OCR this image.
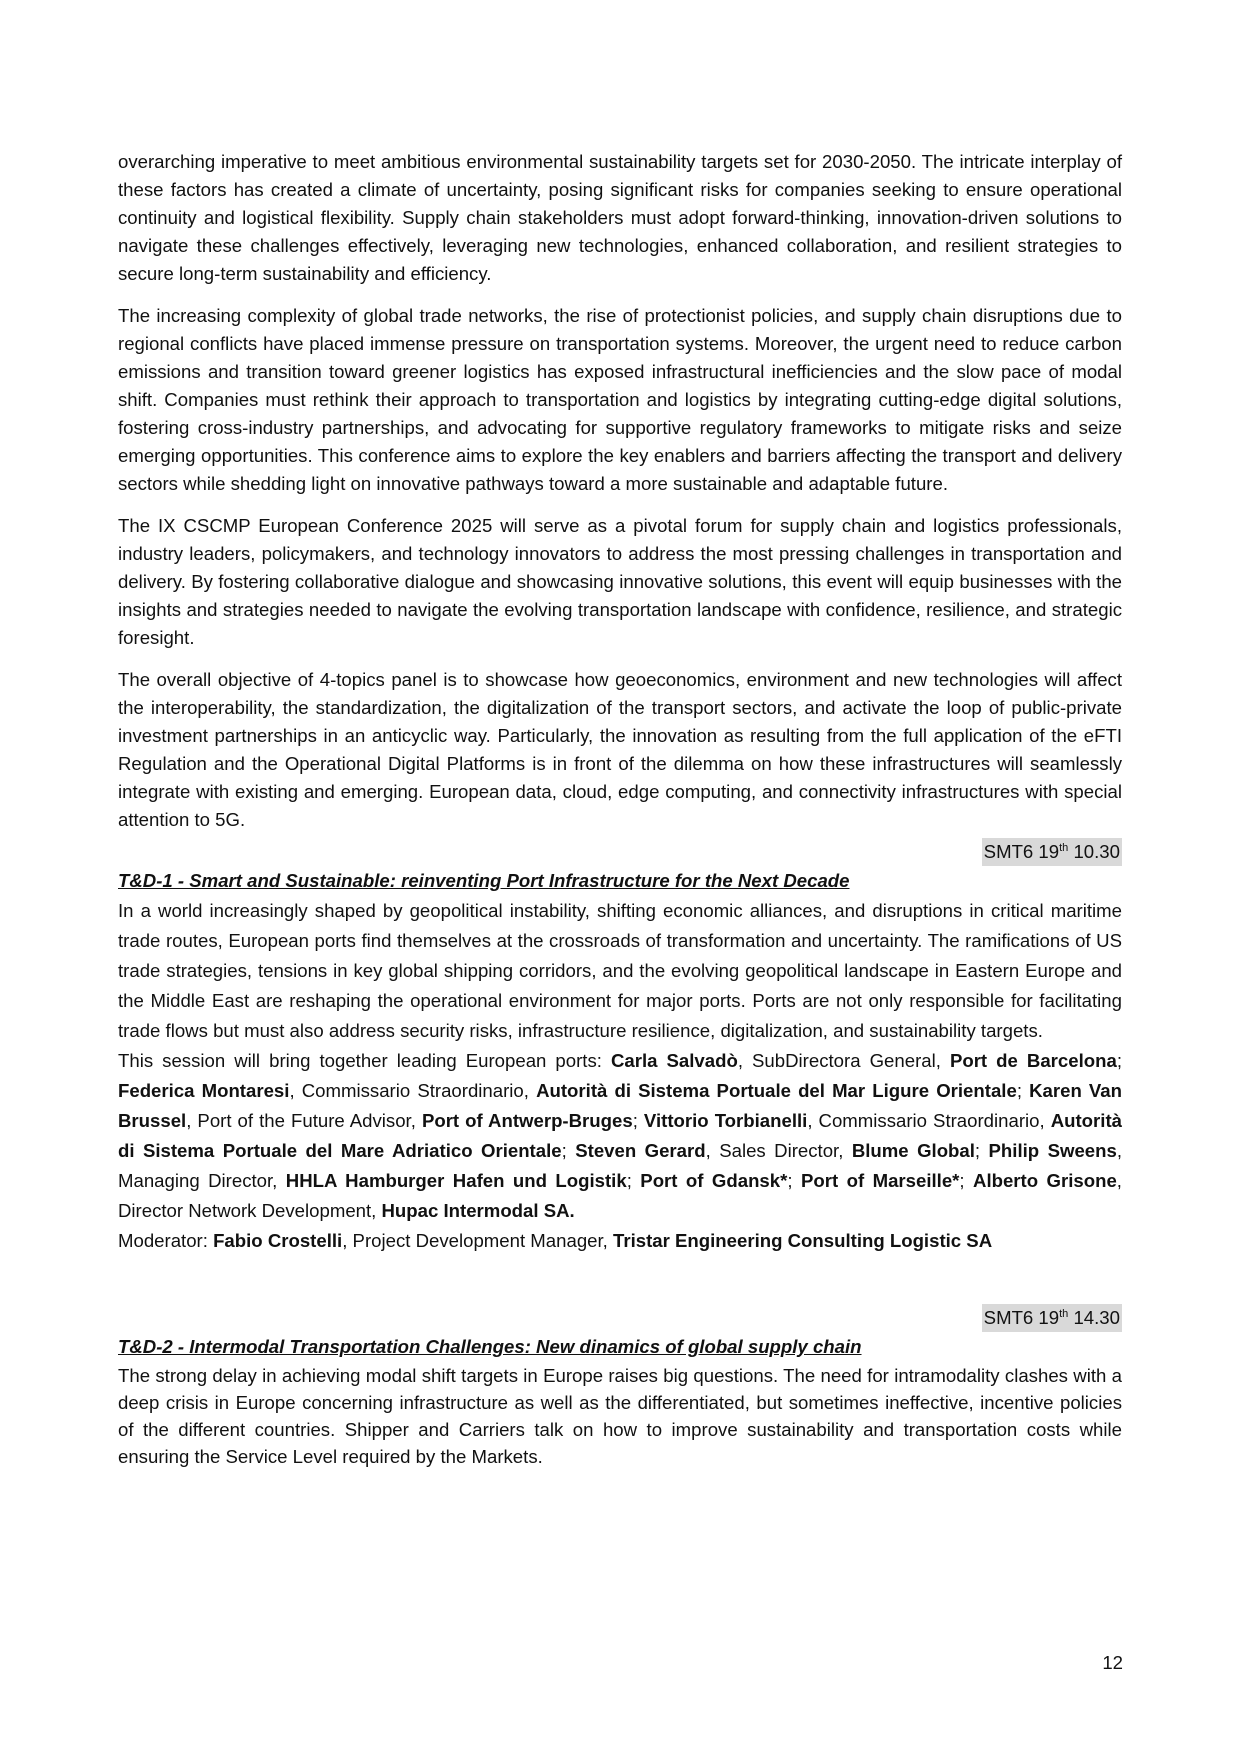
overarching imperative to meet ambitious environmental sustainability targets set for 2030-2050. The intricate interplay of these factors has created a climate of uncertainty, posing significant risks for companies seeking to ensure operational continuity and logistical flexibility. Supply chain stakeholders must adopt forward-thinking, innovation-driven solutions to navigate these challenges effectively, leveraging new technologies, enhanced collaboration, and resilient strategies to secure long-term sustainability and efficiency.

The increasing complexity of global trade networks, the rise of protectionist policies, and supply chain disruptions due to regional conflicts have placed immense pressure on transportation systems. Moreover, the urgent need to reduce carbon emissions and transition toward greener logistics has exposed infrastructural inefficiencies and the slow pace of modal shift. Companies must rethink their approach to transportation and logistics by integrating cutting-edge digital solutions, fostering cross-industry partnerships, and advocating for supportive regulatory frameworks to mitigate risks and seize emerging opportunities. This conference aims to explore the key enablers and barriers affecting the transport and delivery sectors while shedding light on innovative pathways toward a more sustainable and adaptable future.

The IX CSCMP European Conference 2025 will serve as a pivotal forum for supply chain and logistics professionals, industry leaders, policymakers, and technology innovators to address the most pressing challenges in transportation and delivery. By fostering collaborative dialogue and showcasing innovative solutions, this event will equip businesses with the insights and strategies needed to navigate the evolving transportation landscape with confidence, resilience, and strategic foresight.

The overall objective of 4-topics panel is to showcase how geoeconomics, environment and new technologies will affect the interoperability, the standardization, the digitalization of the transport sectors, and activate the loop of public-private investment partnerships in an anticyclic way. Particularly, the innovation as resulting from the full application of the eFTI Regulation and the Operational Digital Platforms is in front of the dilemma on how these infrastructures will seamlessly integrate with existing and emerging. European data, cloud, edge computing, and connectivity infrastructures with special attention to 5G.

SMT6 19th 10.30

T&D-1 - Smart and Sustainable: reinventing Port Infrastructure for the Next Decade

In a world increasingly shaped by geopolitical instability, shifting economic alliances, and disruptions in critical maritime trade routes, European ports find themselves at the crossroads of transformation and uncertainty. The ramifications of US trade strategies, tensions in key global shipping corridors, and the evolving geopolitical landscape in Eastern Europe and the Middle East are reshaping the operational environment for major ports. Ports are not only responsible for facilitating trade flows but must also address security risks, infrastructure resilience, digitalization, and sustainability targets.

This session will bring together leading European ports: Carla Salvadò, SubDirectora General, Port de Barcelona; Federica Montaresi, Commissario Straordinario, Autorità di Sistema Portuale del Mar Ligure Orientale; Karen Van Brussel, Port of the Future Advisor, Port of Antwerp-Bruges; Vittorio Torbianelli, Commissario Straordinario, Autorità di Sistema Portuale del Mare Adriatico Orientale; Steven Gerard, Sales Director, Blume Global; Philip Sweens, Managing Director, HHLA Hamburger Hafen und Logistik; Port of Gdansk*; Port of Marseille*; Alberto Grisone, Director Network Development, Hupac Intermodal SA.

Moderator: Fabio Crostelli, Project Development Manager, Tristar Engineering Consulting Logistic SA

SMT6 19th 14.30

T&D-2 - Intermodal Transportation Challenges: New dinamics of global supply chain

The strong delay in achieving modal shift targets in Europe raises big questions. The need for intramodality clashes with a deep crisis in Europe concerning infrastructure as well as the differentiated, but sometimes ineffective, incentive policies of the different countries. Shipper and Carriers talk on how to improve sustainability and transportation costs while ensuring the Service Level required by the Markets.

12
